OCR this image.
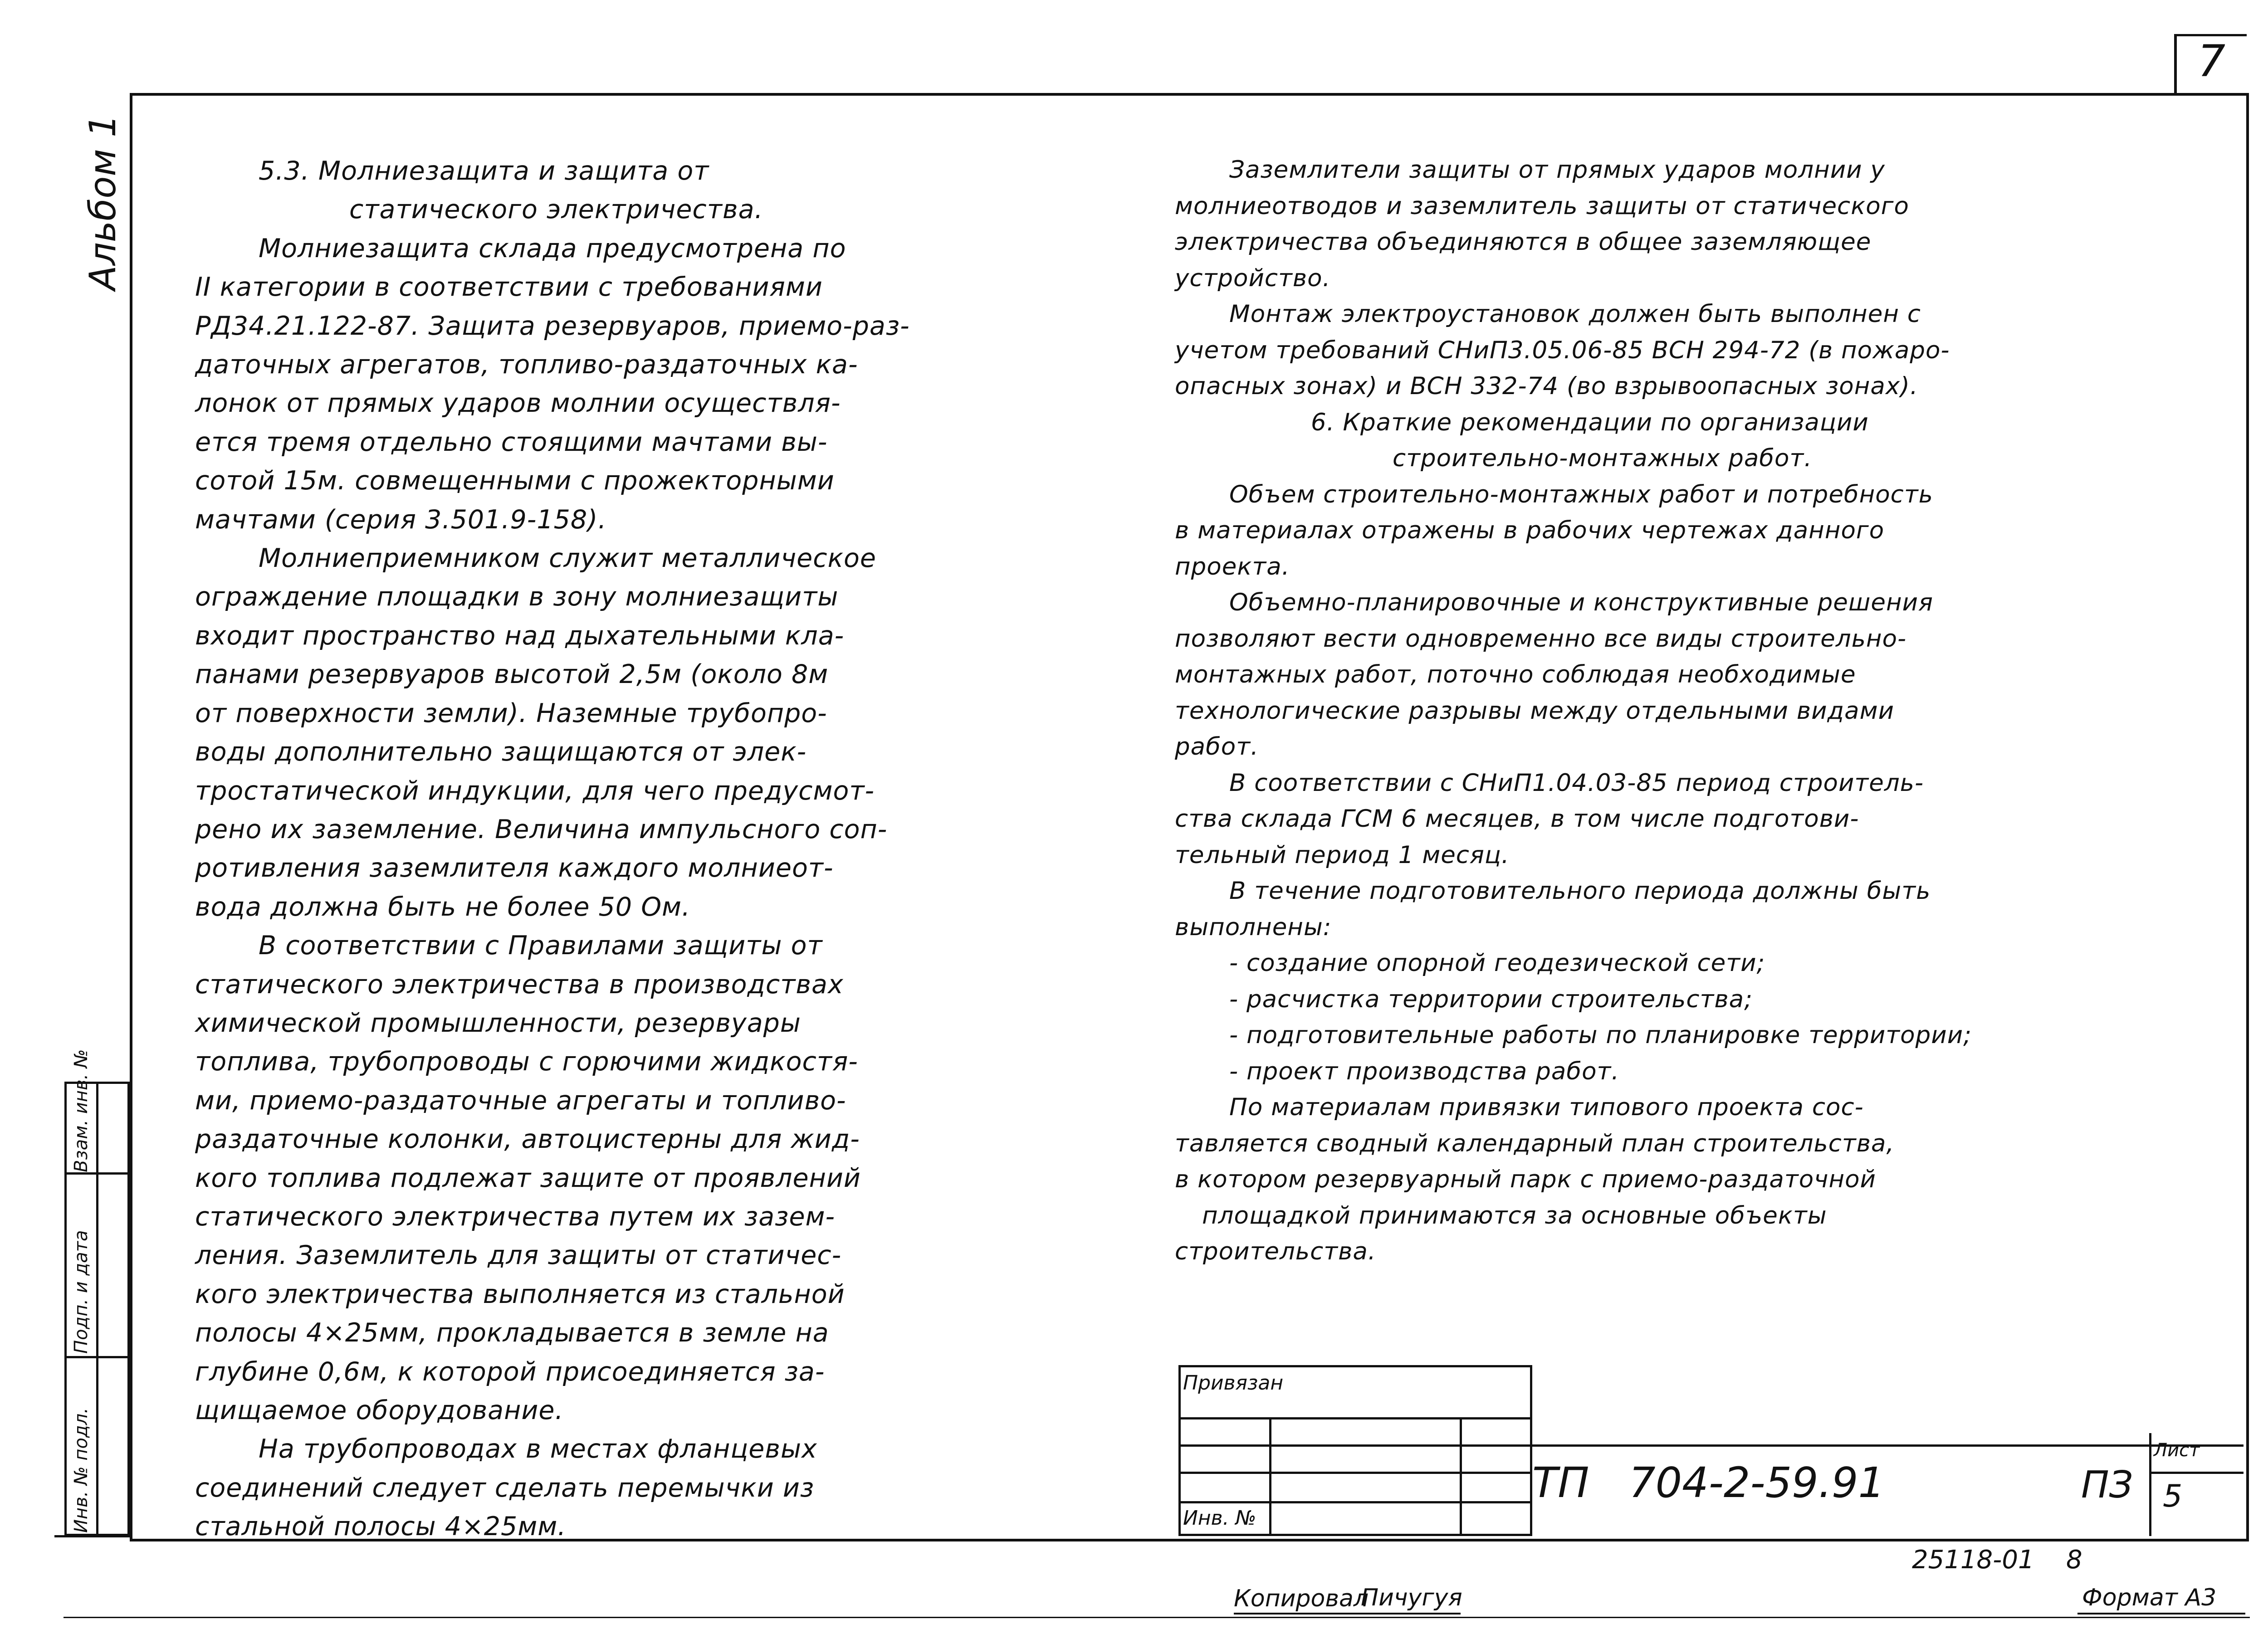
7
Альбом 1
Взам. инв. №
Подп. и дата
Инв. № подл.
5.3. Молниезащита и защита от
статического электричества.
Молниезащита склада предусмотрена по
II категории в соответствии с требованиями
РД34.21.122-87. Защита резервуаров, приемо-раз-
даточных агрегатов, топливо-раздаточных ка-
лонок от прямых ударов молнии осуществля-
ется тремя отдельно стоящими мачтами вы-
сотой 15м. совмещенными с прожекторными
мачтами (серия 3.501.9-158).
Молниеприемником служит металлическое
ограждение площадки в зону молниезащиты
входит пространство над дыхательными кла-
панами резервуаров высотой 2,5м (около 8м
от поверхности земли). Наземные трубопро-
воды дополнительно защищаются от элек-
тростатической индукции, для чего предусмот-
рено их заземление. Величина импульсного соп-
ротивления заземлителя каждого молниеот-
вода должна быть не более 50 Ом.
В соответствии с Правилами защиты от
статического электричества в производствах
химической промышленности, резервуары
топлива, трубопроводы с горючими жидкостя-
ми, приемо-раздаточные агрегаты и топливо-
раздаточные колонки, автоцистерны для жид-
кого топлива подлежат защите от проявлений
статического электричества путем их зазем-
ления. Заземлитель для защиты от статичес-
кого электричества выполняется из стальной
полосы 4×25мм, прокладывается в земле на
глубине 0,6м, к которой присоединяется за-
щищаемое оборудование.
На трубопроводах в местах фланцевых
соединений следует сделать перемычки из
стальной полосы 4×25мм.
Заземлители защиты от прямых ударов молнии у
молниеотводов и заземлитель защиты от статического
электричества объединяются в общее заземляющее
устройство.
Монтаж электроустановок должен быть выполнен с
учетом требований СНиП3.05.06-85 ВСН 294-72 (в пожаро-
опасных зонах) и ВСН 332-74 (во взрывоопасных зонах).
6. Краткие рекомендации по организации
строительно-монтажных работ.
Объем строительно-монтажных работ и потребность
в материалах отражены в рабочих чертежах данного
проекта.
Объемно-планировочные и конструктивные решения
позволяют вести одновременно все виды строительно-
монтажных работ, поточно соблюдая необходимые
технологические разрывы между отдельными видами
работ.
В соответствии с СНиП1.04.03-85 период строитель-
ства склада ГСМ 6 месяцев, в том числе подготови-
тельный период 1 месяц.
В течение подготовительного периода должны быть
выполнены:
- создание опорной геодезической сети;
- расчистка территории строительства;
- подготовительные работы по планировке территории;
- проект производства работ.
По материалам привязки типового проекта сос-
тавляется сводный календарный план строительства,
в котором резервуарный парк с приемо-раздаточной
площадкой принимаются за основные объекты
строительства.
Привязан
Инв. №
ТП   704-2-59.91	ПЗ
Лист
5
25118-01 8
Копировал
Пичугуя	Формат А3
